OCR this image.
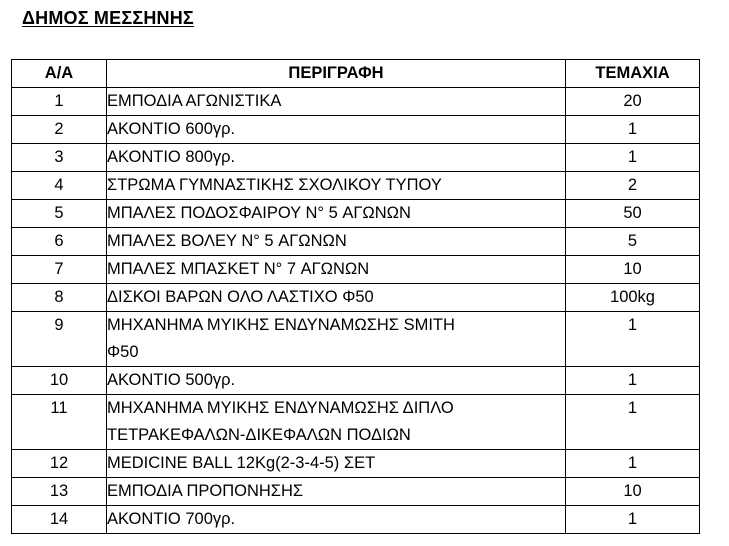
ΔΗΜΟΣ ΜΕΣΣΗΝΗΣ
Α/Α	ΠΕΡΙΓΡΑΦΗ	ΤΕΜΑΧΙΑ
1	ΕΜΠΟΔΙΑ ΑΓΩΝΙΣΤΙΚΑ	20
2	ΑΚΟΝΤΙΟ 600γρ.	1
3	ΑΚΟΝΤΙΟ 800γρ.	1
4	ΣΤΡΩΜΑ ΓΥΜΝΑΣΤΙΚΗΣ ΣΧΟΛΙΚΟΥ ΤΥΠΟΥ	2
5	ΜΠΑΛΕΣ ΠΟΔΟΣΦΑΙΡΟΥ N° 5 ΑΓΩΝΩΝ	50
6	ΜΠΑΛΕΣ ΒΟΛΕΥ N° 5 ΑΓΩΝΩΝ	5
7	ΜΠΑΛΕΣ ΜΠΑΣΚΕΤ N° 7 ΑΓΩΝΩΝ	10
8	ΔΙΣΚΟΙ ΒΑΡΩΝ ΟΛΟ ΛΑΣΤΙΧΟ Φ50	100kg
9	ΜΗΧΑΝΗΜΑ ΜΥΙΚΗΣ ΕΝΔΥΝΑΜΩΣΗΣ SMITH
Φ50	1
10	ΑΚΟΝΤΙΟ 500γρ.	1
11	ΜΗΧΑΝΗΜΑ ΜΥΙΚΗΣ ΕΝΔΥΝΑΜΩΣΗΣ ΔΙΠΛΟ
ΤΕΤΡΑΚΕΦΑΛΩΝ-ΔΙΚΕΦΑΛΩΝ ΠΟΔΙΩΝ	1
12	MEDICINE BALL 12Kg(2-3-4-5) ΣΕΤ	1
13	ΕΜΠΟΔΙΑ ΠΡΟΠΟΝΗΣΗΣ	10
14	ΑΚΟΝΤΙΟ 700γρ.	1
